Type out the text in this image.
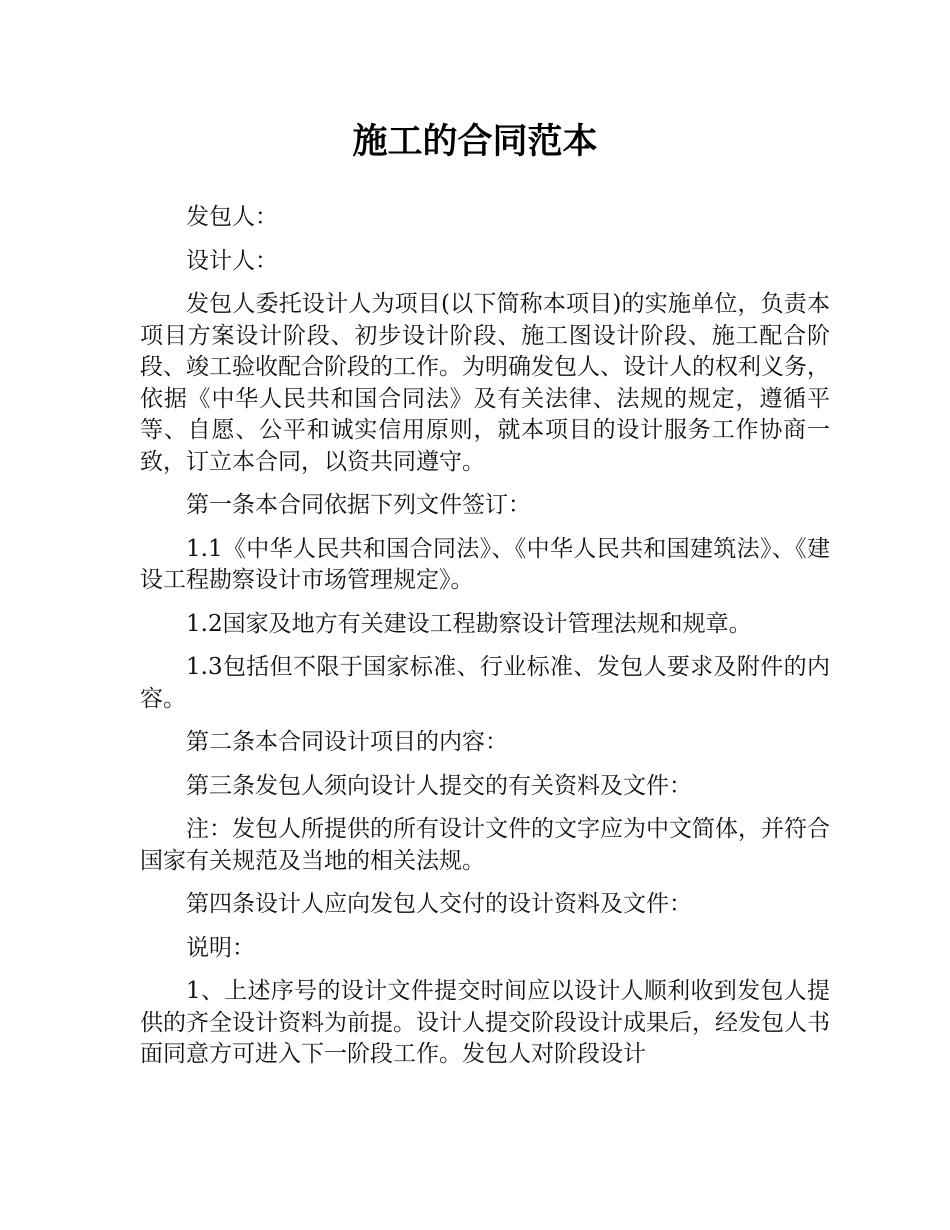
施工的合同范本

发包人：

设计人：

发包人委托设计人为项目(以下简称本项目)的实施单位，负责本项目方案设计阶段、初步设计阶段、施工图设计阶段、施工配合阶段、竣工验收配合阶段的工作。为明确发包人、设计人的权利义务，依据《中华人民共和国合同法》及有关法律、法规的规定，遵循平等、自愿、公平和诚实信用原则，就本项目的设计服务工作协商一致，订立本合同，以资共同遵守。

第一条本合同依据下列文件签订：

1.1《中华人民共和国合同法》、《中华人民共和国建筑法》、《建设工程勘察设计市场管理规定》。

1.2国家及地方有关建设工程勘察设计管理法规和规章。

1.3包括但不限于国家标准、行业标准、发包人要求及附件的内容。

第二条本合同设计项目的内容：

第三条发包人须向设计人提交的有关资料及文件：

注：发包人所提供的所有设计文件的文字应为中文简体，并符合国家有关规范及当地的相关法规。

第四条设计人应向发包人交付的设计资料及文件：

说明：

1、上述序号的设计文件提交时间应以设计人顺利收到发包人提供的齐全设计资料为前提。设计人提交阶段设计成果后，经发包人书面同意方可进入下一阶段工作。发包人对阶段设计
